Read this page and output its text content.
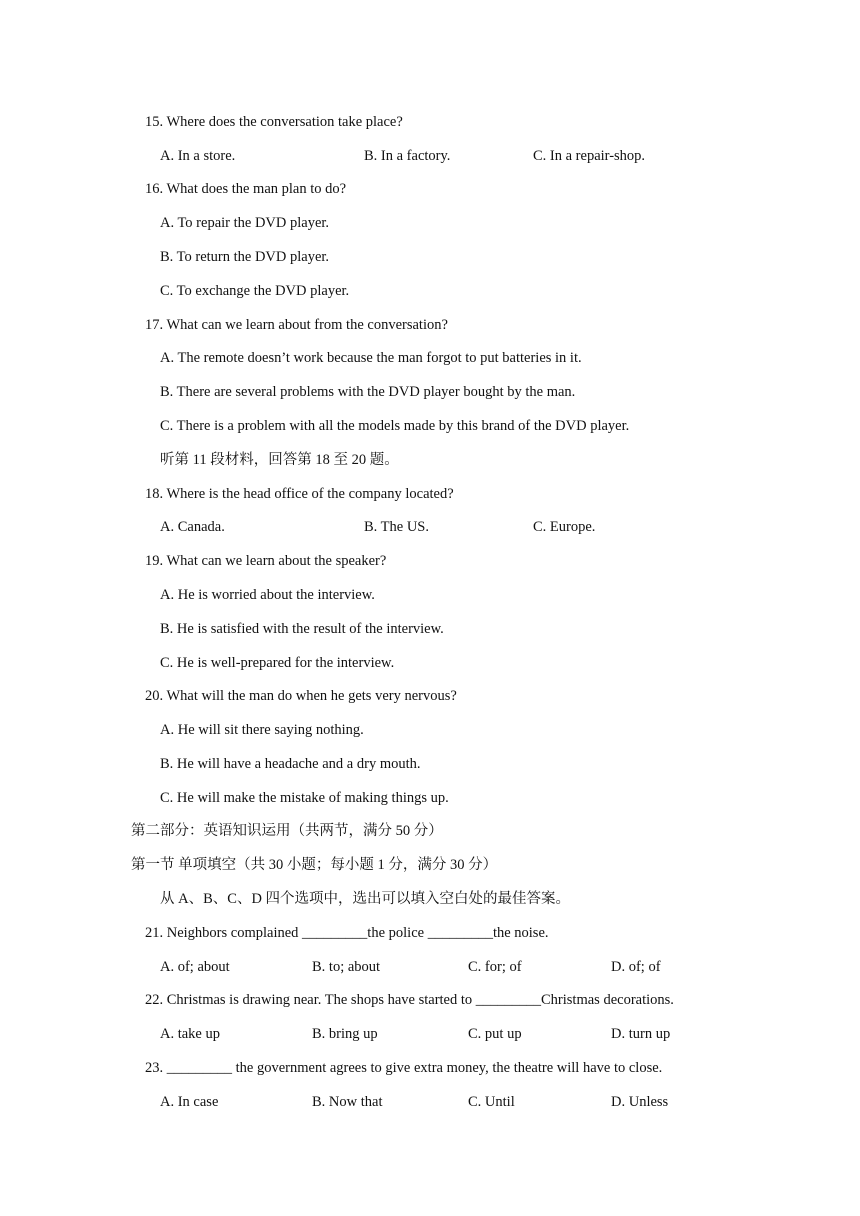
15. Where does the conversation take place?
A. In a store.	B. In a factory.	C. In a repair-shop.
16. What does the man plan to do?
A. To repair the DVD player.
B. To return the DVD player.
C. To exchange the DVD player.
17. What can we learn about from the conversation?
A. The remote doesn’t work because the man forgot to put batteries in it.
B. There are several problems with the DVD player bought by the man.
C. There is a problem with all the models made by this brand of the DVD player.
听第 11 段材料，回答第 18 至 20 题。
18. Where is the head office of the company located?
A. Canada.	B. The US.	C. Europe.
19. What can we learn about the speaker?
A. He is worried about the interview.
B. He is satisfied with the result of the interview.
C. He is well-prepared for the interview.
20. What will the man do when he gets very nervous?
A. He will sit there saying nothing.
B. He will have a headache and a dry mouth.
C. He will make the mistake of making things up.
第二部分：英语知识运用（共两节，满分 50 分）
第一节 单项填空（共 30 小题；每小题 1 分，满分 30 分）
从 A、B、C、D 四个选项中，选出可以填入空白处的最佳答案。
21. Neighbors complained _________the police _________the noise.
A. of; about	B. to; about	C. for; of	D. of; of
22. Christmas is drawing near. The shops have started to _________Christmas decorations.
A. take up	B. bring up	C. put up	D. turn up
23. _________ the government agrees to give extra money, the theatre will have to close.
A. In case	B. Now that	C. Until	D. Unless
